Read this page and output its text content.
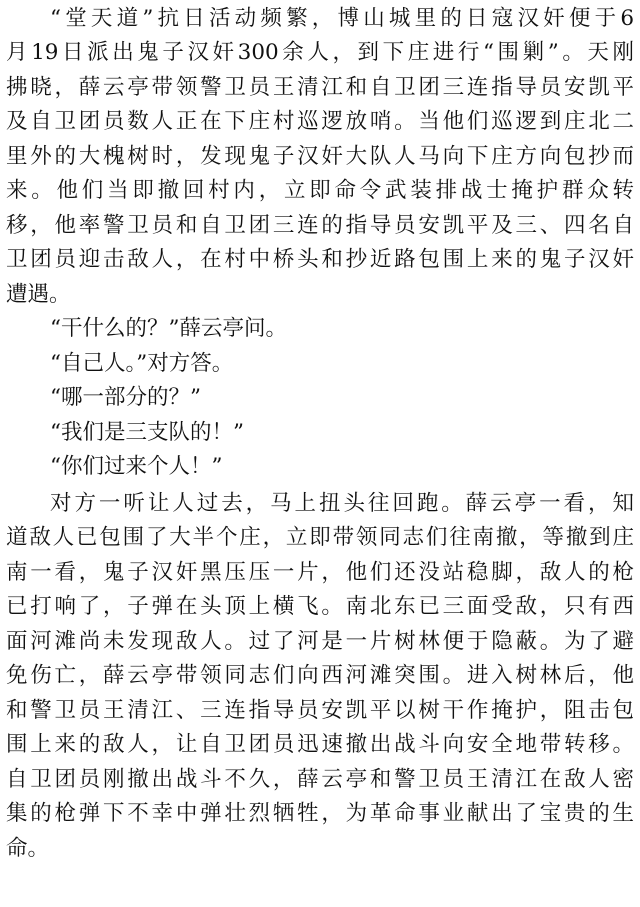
“堂天道”抗日活动频繁，博山城里的日寇汉奸便于6
月19日派出鬼子汉奸300余人，到下庄进行“围剿”。天刚
拂晓，薛云亭带领警卫员王清江和自卫团三连指导员安凯平
及自卫团员数人正在下庄村巡逻放哨。当他们巡逻到庄北二
里外的大槐树时，发现鬼子汉奸大队人马向下庄方向包抄而
来。他们当即撤回村内，立即命令武装排战士掩护群众转
移，他率警卫员和自卫团三连的指导员安凯平及三、四名自
卫团员迎击敌人，在村中桥头和抄近路包围上来的鬼子汉奸
遭遇。
“干什么的？”薛云亭问。
“自己人。”对方答。
“哪一部分的？”
“我们是三支队的！”
“你们过来个人！”
对方一听让人过去，马上扭头往回跑。薛云亭一看，知
道敌人已包围了大半个庄，立即带领同志们往南撤，等撤到庄
南一看，鬼子汉奸黑压压一片，他们还没站稳脚，敌人的枪
已打响了，子弹在头顶上横飞。南北东已三面受敌，只有西
面河滩尚未发现敌人。过了河是一片树林便于隐蔽。为了避
免伤亡，薛云亭带领同志们向西河滩突围。进入树林后，他
和警卫员王清江、三连指导员安凯平以树干作掩护，阻击包
围上来的敌人，让自卫团员迅速撤出战斗向安全地带转移。
自卫团员刚撤出战斗不久，薛云亭和警卫员王清江在敌人密
集的枪弹下不幸中弹壮烈牺牲，为革命事业献出了宝贵的生
命。
